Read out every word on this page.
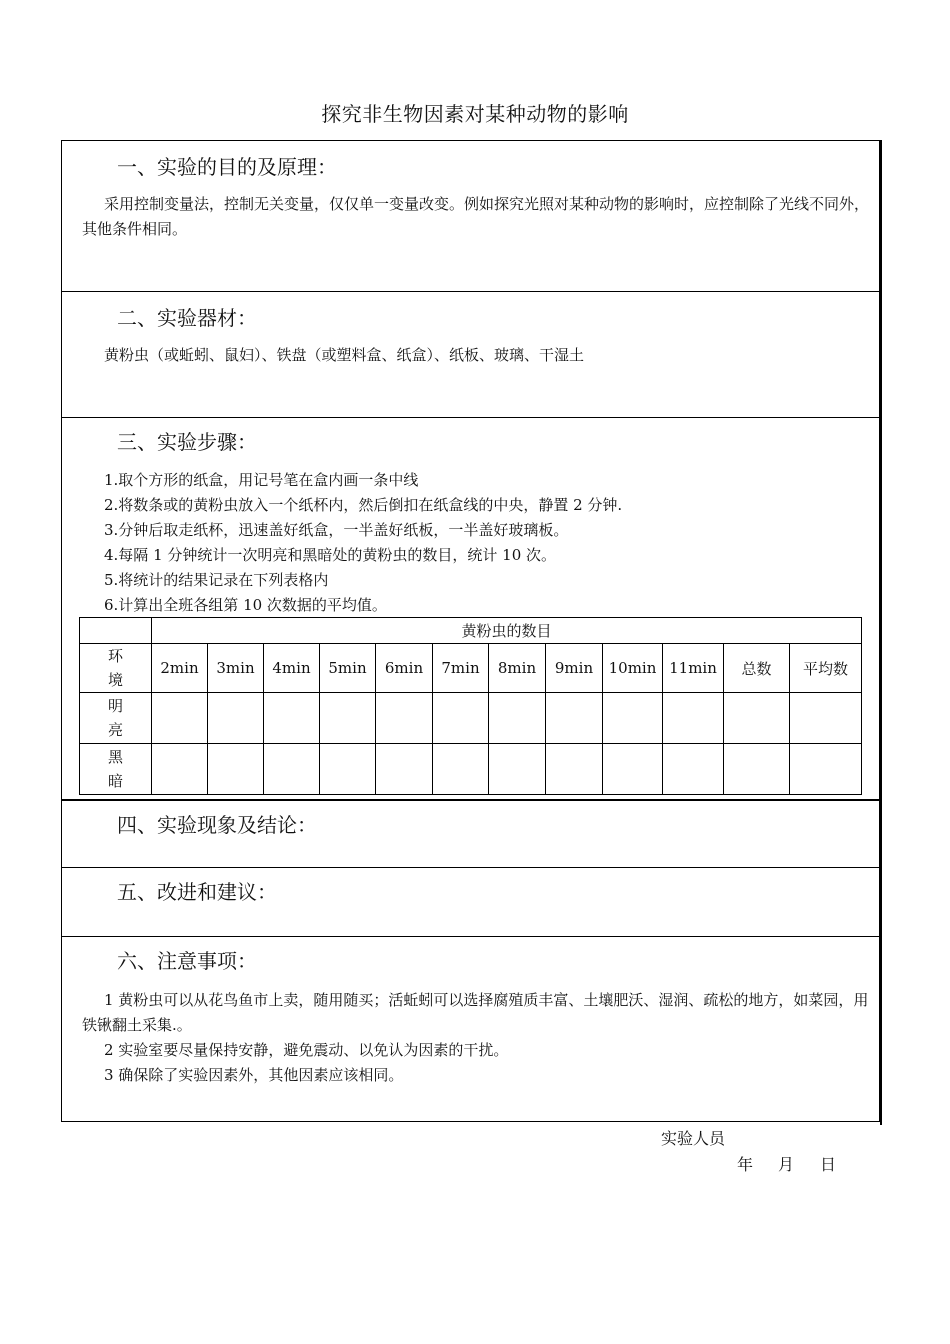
探究非生物因素对某种动物的影响
一、实验的目的及原理：

采用控制变量法，控制无关变量，仅仅单一变量改变。例如探究光照对某种动物的影响时，应控制除了光线不同外，其他条件相同。

二、实验器材：

黄粉虫（或蚯蚓、鼠妇）、铁盘（或塑料盒、纸盒）、纸板、玻璃、干湿土

三、实验步骤：
1.取个方形的纸盒，用记号笔在盒内画一条中线
2.将数条或的黄粉虫放入一个纸杯内，然后倒扣在纸盒线的中央，静置 2 分钟.
3.分钟后取走纸杯，迅速盖好纸盒，一半盖好纸板，一半盖好玻璃板。
4.每隔 1 分钟统计一次明亮和黑暗处的黄粉虫的数目，统计 10 次。
5.将统计的结果记录在下列表格内
6.计算出全班各组第 10 次数据的平均值。
	黄粉虫的数目											

环
境	2min	3min	4min	5min	6min	7min	8min	9min	10min	11min	总数	平均数

明
亮												

黑
暗												

四、实验现象及结论：
五、改进和建议：
六、注意事项：

1 黄粉虫可以从花鸟鱼市上卖，随用随买；活蚯蚓可以选择腐殖质丰富、土壤肥沃、湿润、疏松的地方，如菜园，用铁锹翻土采集.。

2 实验室要尽量保持安静，避免震动、以免认为因素的干扰。

3 确保除了实验因素外，其他因素应该相同。

实验人员
年 月 日
